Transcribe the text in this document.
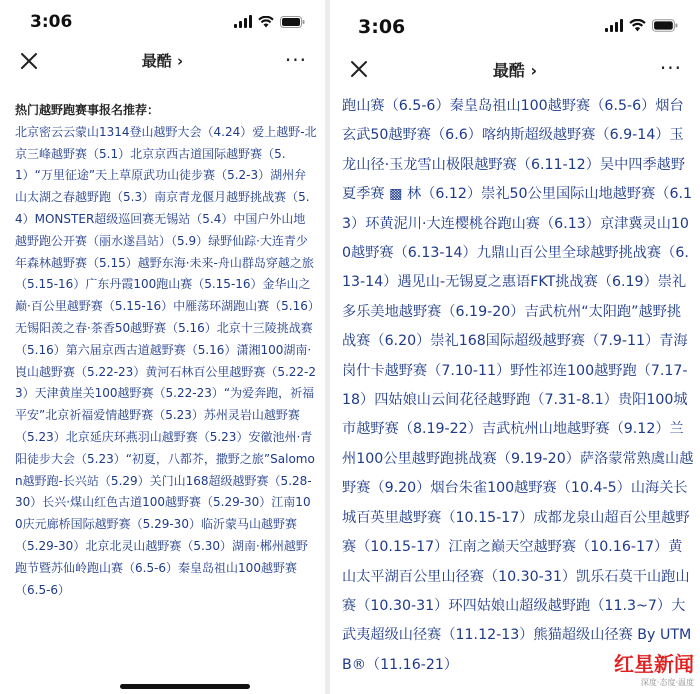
3:06
最酷 ›	···
热门越野跑赛事报名推荐：
北京密云云蒙山1314登山越野大会（4.24）爱上越野-北京三峰越野赛（5.1）北京京西古道国际越野赛（5.1）“万里征途”天上草原武功山徒步赛（5.2-3）湖州弁山太湖之春越野跑（5.3）南京青龙偃月越野挑战赛（5.4）MONSTER超级巡回赛无锡站（5.4）中国户外山地越野跑公开赛（丽水遂昌站）（5.9）绿野仙踪·大连青少年森林越野赛（5.15）越野东海·未来-舟山群岛穿越之旅（5.15-16）广东丹霞100跑山赛（5.15-16）金华山之巅·百公里越野赛（5.15-16）中雁荡环湖跑山赛（5.16）无锡阳羡之春·茶香50越野赛（5.16）北京十三陵挑战赛（5.16）第六届京西古道越野赛（5.16）潇湘100湖南·崀山越野赛（5.22-23）黄河石林百公里越野赛（5.22-23）天津黄崖关100越野赛（5.22-23）“为爱奔跑，祈福平安”北京祈福爱情越野赛（5.23）苏州灵岩山越野赛（5.23）北京延庆环燕羽山越野赛（5.23）安徽池州·青阳徒步大会（5.23）“初夏，八都芥，撒野之旅”Salomon越野跑-长兴站（5.29）关门山168超级越野赛（5.28-30）长兴·煤山红色古道100越野赛（5.29-30）江南100庆元廊桥国际越野赛（5.29-30）临沂蒙马山越野赛（5.29-30）北京北灵山越野赛（5.30）湖南·郴州越野跑节暨苏仙岭跑山赛（6.5-6）秦皇岛祖山100越野赛（6.5-6）
3:06
最酷 ›	···
跑山赛（6.5-6）秦皇岛祖山100越野赛（6.5-6）烟台玄武50越野赛（6.6）喀纳斯超级越野赛（6.9-14）玉龙山径·玉龙雪山极限越野赛（6.11-12）吴中四季越野夏季赛 ▩ 林（6.12）崇礼50公里国际山地越野赛（6.13）环黄泥川·大连樱桃谷跑山赛（6.13）京津冀灵山100越野赛（6.13-14）九鼎山百公里全球越野挑战赛（6.13-14）遇见山-无锡夏之惠语FKT挑战赛（6.19）崇礼多乐美地越野赛（6.19-20）吉武杭州“太阳跑”越野挑战赛（6.20）崇礼168国际超级越野赛（7.9-11）青海岗什卡越野赛（7.10-11）野性祁连100越野跑（7.17-18）四姑娘山云间花径越野跑（7.31-8.1）贵阳100城市越野赛（8.19-22）吉武杭州山地越野赛（9.12）兰州100公里越野跑挑战赛（9.19-20）萨洛蒙常熟虞山越野赛（9.20）烟台朱雀100越野赛（10.4-5）山海关长城百英里越野赛（10.15-17）成都龙泉山超百公里越野赛（10.15-17）江南之巅天空越野赛（10.16-17）黄山太平湖百公里山径赛（10.30-31）凯乐石莫干山跑山赛（10.30-31）环四姑娘山超级越野跑（11.3~7）大武夷超级山径赛（11.12-13）熊猫超级山径赛 By UTMB®（11.16-21）	红星新闻
深度·态度·温度
